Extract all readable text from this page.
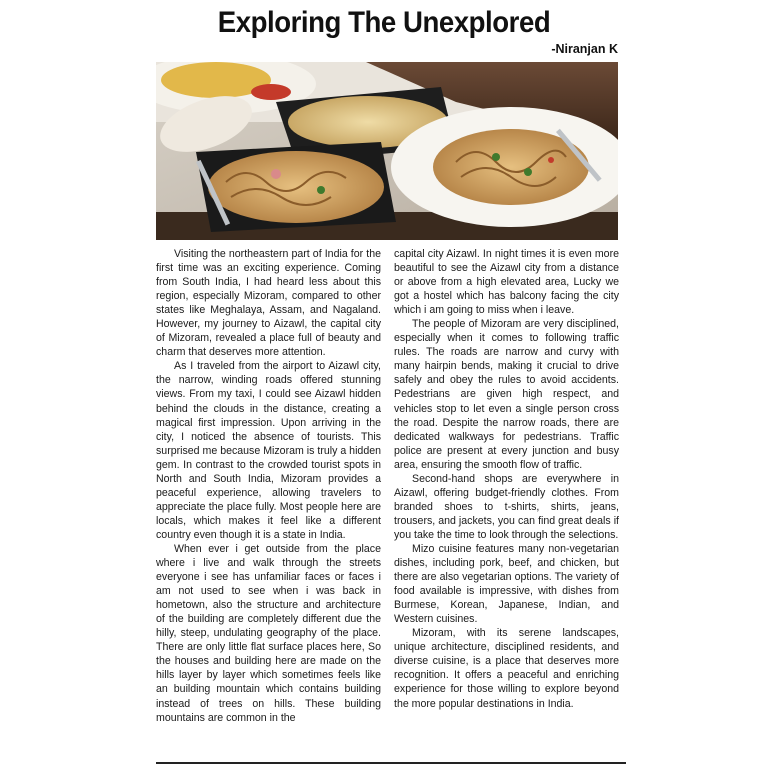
Exploring The Unexplored
-Niranjan K

Visiting the northeastern part of India for the first time was an exciting experience. Coming from South India, I had heard less about this region, especially Mizoram, compared to other states like Meghalaya, Assam, and Nagaland. However, my journey to Aizawl, the capital city of Mizoram, revealed a place full of beauty and charm that deserves more attention.

As I traveled from the airport to Aizawl city, the narrow, winding roads offered stunning views. From my taxi, I could see Aizawl hidden behind the clouds in the distance, creating a magical first impression. Upon arriving in the city, I noticed the absence of tourists. This surprised me because Mizoram is truly a hidden gem. In contrast to the crowded tourist spots in North and South India, Mizoram provides a peaceful experience, allowing travelers to appreciate the place fully. Most people here are locals, which makes it feel like a different country even though it is a state in India.

When ever i get outside from the place where i live and walk through the streets everyone i see has unfamiliar faces or faces i am not used to see when i was back in hometown, also the structure and architecture of the building are completely different due the hilly, steep, undulating geography of the place. There are only little flat surface places here, So the houses and building here are made on the hills layer by layer which sometimes feels like an building mountain which contains building instead of trees on hills. These building mountains are common in the

capital city Aizawl. In night times it is even more beautiful to see the Aizawl city from a distance or above from a high elevated area, Lucky we got a hostel which has balcony facing the city which i am going to miss when i leave.

The people of Mizoram are very disciplined, especially when it comes to following traffic rules. The roads are narrow and curvy with many hairpin bends, making it crucial to drive safely and obey the rules to avoid accidents. Pedestrians are given high respect, and vehicles stop to let even a single person cross the road. Despite the narrow roads, there are dedicated walkways for pedestrians. Traffic police are present at every junction and busy area, ensuring the smooth flow of traffic.

Second-hand shops are everywhere in Aizawl, offering budget-friendly clothes. From branded shoes to t-shirts, shirts, jeans, trousers, and jackets, you can find great deals if you take the time to look through the selections.

Mizo cuisine features many non-vegetarian dishes, including pork, beef, and chicken, but there are also vegetarian options. The variety of food available is impressive, with dishes from Burmese, Korean, Japanese, Indian, and Western cuisines.

Mizoram, with its serene landscapes, unique architecture, disciplined residents, and diverse cuisine, is a place that deserves more recognition. It offers a peaceful and enriching experience for those willing to explore beyond the more popular destinations in India.
